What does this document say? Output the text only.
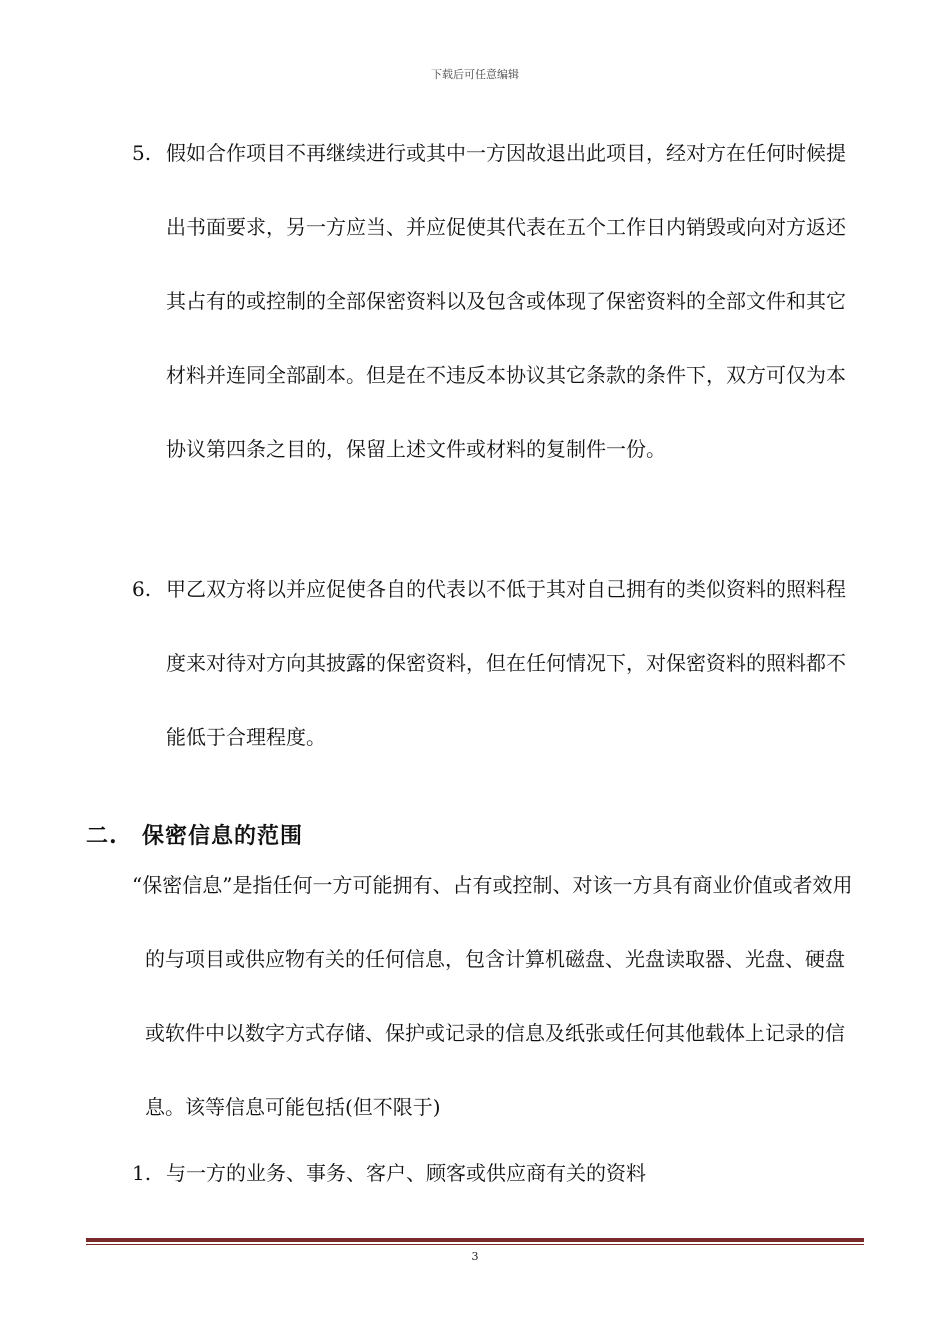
下载后可任意编辑
5. 假如合作项目不再继续进行或其中一方因故退出此项目，经对方在任何时候提出书面要求，另一方应当、并应促使其代表在五个工作日内销毁或向对方返还其占有的或控制的全部保密资料以及包含或体现了保密资料的全部文件和其它材料并连同全部副本。但是在不违反本协议其它条款的条件下，双方可仅为本协议第四条之目的，保留上述文件或材料的复制件一份。
6. 甲乙双方将以并应促使各自的代表以不低于其对自己拥有的类似资料的照料程度来对待对方向其披露的保密资料，但在任何情况下，对保密资料的照料都不能低于合理程度。
二. 保密信息的范围

“保密信息”是指任何一方可能拥有、占有或控制、对该一方具有商业价值或者效用的与项目或供应物有关的任何信息，包含计算机磁盘、光盘读取器、光盘、硬盘或软件中以数字方式存储、保护或记录的信息及纸张或任何其他载体上记录的信息。该等信息可能包括(但不限于)

1. 与一方的业务、事务、客户、顾客或供应商有关的资料
3
